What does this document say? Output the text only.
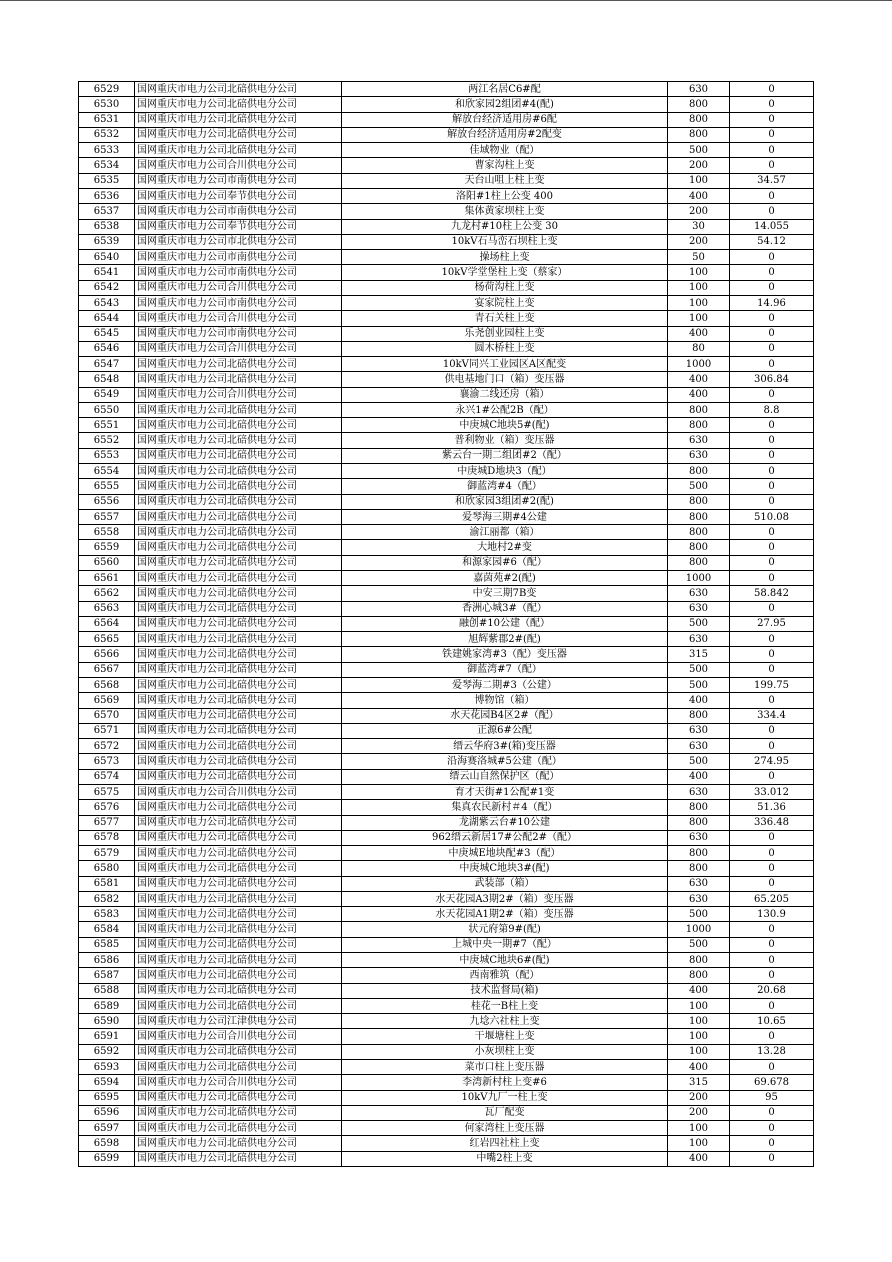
6529	国网重庆市电力公司北碚供电分公司	两江名居C6#配	630	0
6530	国网重庆市电力公司北碚供电分公司	和欣家园2组团#4(配)	800	0
6531	国网重庆市电力公司北碚供电分公司	解放台经济适用房#6配	800	0
6532	国网重庆市电力公司北碚供电分公司	解放台经济适用房#2配变	800	0
6533	国网重庆市电力公司北碚供电分公司	佳域物业（配）	500	0
6534	国网重庆市电力公司合川供电分公司	曹家沟柱上变	200	0
6535	国网重庆市电力公司市南供电分公司	天台山咀上柱上变	100	34.57
6536	国网重庆市电力公司奉节供电分公司	洛阳#1柱上公变 400	400	0
6537	国网重庆市电力公司市南供电分公司	集体黄家坝柱上变	200	0
6538	国网重庆市电力公司奉节供电分公司	九龙村#10柱上公变 30	30	14.055
6539	国网重庆市电力公司市北供电分公司	10kV石马峦石坝柱上变	200	54.12
6540	国网重庆市电力公司市南供电分公司	操场柱上变	50	0
6541	国网重庆市电力公司市南供电分公司	10kV学堂堡柱上变（蔡家）	100	0
6542	国网重庆市电力公司合川供电分公司	杨荷沟柱上变	100	0
6543	国网重庆市电力公司市南供电分公司	宴家院柱上变	100	14.96
6544	国网重庆市电力公司合川供电分公司	青石关柱上变	100	0
6545	国网重庆市电力公司市南供电分公司	乐尧创业园柱上变	400	0
6546	国网重庆市电力公司合川供电分公司	圆木桥柱上变	80	0
6547	国网重庆市电力公司北碚供电分公司	10kV同兴工业园区A区配变	1000	0
6548	国网重庆市电力公司北碚供电分公司	供电基地门口（箱）变压器	400	306.84
6549	国网重庆市电力公司合川供电分公司	襄渝二线还房（箱）	400	0
6550	国网重庆市电力公司北碚供电分公司	永兴1#公配2B（配）	800	8.8
6551	国网重庆市电力公司北碚供电分公司	中庚城C地块5#(配)	800	0
6552	国网重庆市电力公司北碚供电分公司	普利物业（箱）变压器	630	0
6553	国网重庆市电力公司北碚供电分公司	紫云台一期二组团#2（配）	630	0
6554	国网重庆市电力公司北碚供电分公司	中庚城D地块3（配）	800	0
6555	国网重庆市电力公司北碚供电分公司	御蓝湾#4（配）	500	0
6556	国网重庆市电力公司北碚供电分公司	和欣家园3组团#2(配)	800	0
6557	国网重庆市电力公司北碚供电分公司	爱琴海三期#4公建	800	510.08
6558	国网重庆市电力公司北碚供电分公司	渝江丽都（箱）	800	0
6559	国网重庆市电力公司北碚供电分公司	大地村2#变	800	0
6560	国网重庆市电力公司北碚供电分公司	和源家园#6（配）	800	0
6561	国网重庆市电力公司北碚供电分公司	嘉茵苑#2(配)	1000	0
6562	国网重庆市电力公司北碚供电分公司	中安三期7B变	630	58.842
6563	国网重庆市电力公司北碚供电分公司	香洲心城3#（配）	630	0
6564	国网重庆市电力公司北碚供电分公司	融创#10公建（配）	500	27.95
6565	国网重庆市电力公司北碚供电分公司	旭辉紫郡2#(配)	630	0
6566	国网重庆市电力公司北碚供电分公司	铁建姚家湾#3（配）变压器	315	0
6567	国网重庆市电力公司北碚供电分公司	御蓝湾#7（配）	500	0
6568	国网重庆市电力公司北碚供电分公司	爱琴海二期#3（公建）	500	199.75
6569	国网重庆市电力公司北碚供电分公司	博物馆（箱）	400	0
6570	国网重庆市电力公司北碚供电分公司	水天花园B4区2#（配）	800	334.4
6571	国网重庆市电力公司北碚供电分公司	正源6#公配	630	0
6572	国网重庆市电力公司北碚供电分公司	缙云华府3#(箱)变压器	630	0
6573	国网重庆市电力公司北碚供电分公司	沿海赛洛城#5公建（配）	500	274.95
6574	国网重庆市电力公司北碚供电分公司	缙云山自然保护区（配）	400	0
6575	国网重庆市电力公司合川供电分公司	育才天街#1公配#1变	630	33.012
6576	国网重庆市电力公司北碚供电分公司	集真农民新村＃4（配）	800	51.36
6577	国网重庆市电力公司北碚供电分公司	龙湖紫云台#10公建	800	336.48
6578	国网重庆市电力公司北碚供电分公司	962缙云新居17#公配2#（配）	630	0
6579	国网重庆市电力公司北碚供电分公司	中庚城E地块配#3（配）	800	0
6580	国网重庆市电力公司北碚供电分公司	中庚城C地块3#(配)	800	0
6581	国网重庆市电力公司北碚供电分公司	武装部（箱）	630	0
6582	国网重庆市电力公司北碚供电分公司	水天花园A3期2#（箱）变压器	630	65.205
6583	国网重庆市电力公司北碚供电分公司	水天花园A1期2#（箱）变压器	500	130.9
6584	国网重庆市电力公司北碚供电分公司	状元府第9#(配)	1000	0
6585	国网重庆市电力公司北碚供电分公司	上城中央一期#7（配）	500	0
6586	国网重庆市电力公司北碚供电分公司	中庚城C地块6#(配)	800	0
6587	国网重庆市电力公司北碚供电分公司	西南雅筑（配）	800	0
6588	国网重庆市电力公司北碚供电分公司	技术监督局(箱)	400	20.68
6589	国网重庆市电力公司北碚供电分公司	桂花一B柱上变	100	0
6590	国网重庆市电力公司江津供电分公司	九埝六社柱上变	100	10.65
6591	国网重庆市电力公司合川供电分公司	干堰塘柱上变	100	0
6592	国网重庆市电力公司北碚供电分公司	小灰坝柱上变	100	13.28
6593	国网重庆市电力公司北碚供电分公司	菜市口柱上变压器	400	0
6594	国网重庆市电力公司合川供电分公司	李湾新村柱上变#6	315	69.678
6595	国网重庆市电力公司北碚供电分公司	10kV九厂一柱上变	200	95
6596	国网重庆市电力公司北碚供电分公司	瓦厂配变	200	0
6597	国网重庆市电力公司北碚供电分公司	何家湾柱上变压器	100	0
6598	国网重庆市电力公司北碚供电分公司	红岩四社柱上变	100	0
6599	国网重庆市电力公司北碚供电分公司	中嘴2柱上变	400	0
